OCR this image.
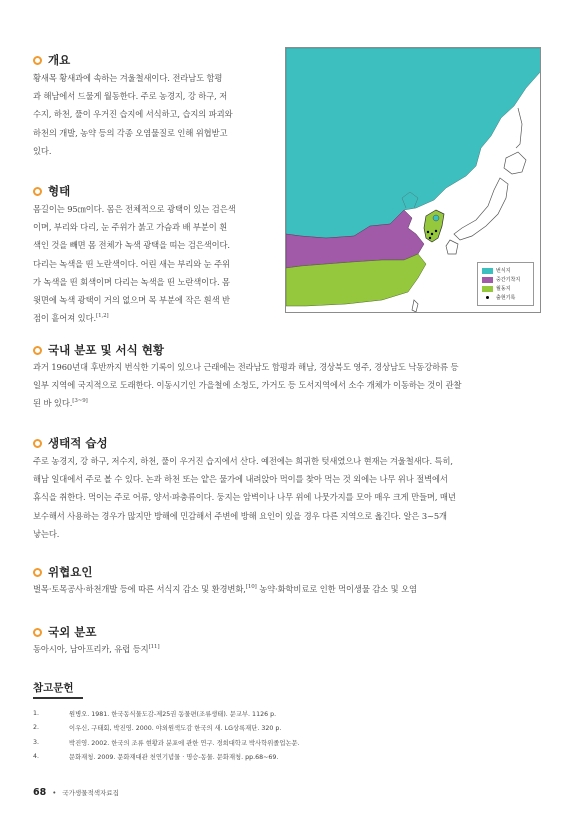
개요
황새목 황새과에 속하는 겨울철새이다. 전라남도 함평
과 해남에서 드물게 월동한다. 주로 농경지, 강 하구, 저
수지, 하천, 풀이 우거진 습지에 서식하고, 습지의 파괴와
하천의 개발, 농약 등의 각종 오염물질로 인해 위협받고
있다.
형태
몸길이는 95㎝이다. 몸은 전체적으로 광택이 있는 검은색
이며, 부리와 다리, 눈 주위가 붉고 가슴과 배 부분이 흰
색인 것을 빼면 몸 전체가 녹색 광택을 띠는 검은색이다.
다리는 녹색을 띤 노란색이다. 어린 새는 부리와 눈 주위
가 녹색을 띤 회색이며 다리는 녹색을 띤 노란색이다. 몸
윗면에 녹색 광택이 거의 없으며 목 부분에 작은 흰색 반
점이 흩어져 있다.[1,2]
번식지
중간기착지
월동지
출현기록
국내 분포 및 서식 현황
과거 1960년대 후반까지 번식한 기록이 있으나 근래에는 전라남도 함평과 해남, 경상북도 영주, 경상남도 낙동강하류 등
일부 지역에 국지적으로 도래한다. 이동시기인 가을철에 소청도, 가거도 등 도서지역에서 소수 개체가 이동하는 것이 관찰
된 바 있다.[3~9]
생태적 습성
주로 농경지, 강 하구, 저수지, 하천, 풀이 우거진 습지에서 산다. 예전에는 희귀한 텃새였으나 현재는 겨울철새다. 특히,
해남 일대에서 주로 볼 수 있다. 논과 하천 또는 얕은 물가에 내려앉아 먹이를 찾아 먹는 것 외에는 나무 위나 절벽에서
휴식을 취한다. 먹이는 주로 어류, 양서·파충류이다. 둥지는 암벽이나 나무 위에 나뭇가지를 모아 매우 크게 만들며, 매년
보수해서 사용하는 경우가 많지만 방해에 민감해서 주변에 방해 요인이 있을 경우 다른 지역으로 옮긴다. 알은 3~5개
낳는다.
위협요인
벌목·토목공사·하천개발 등에 따른 서식지 감소 및 환경변화,[10] 농약·화학비료로 인한 먹이생물 감소 및 오염
국외 분포
동아시아, 남아프리카, 유럽 등지[11]
참고문헌
1.	원병오. 1981. 한국동식물도감-제25권 동물편(조류생태). 문교부. 1126 p.
2.	이우신, 구태회, 박진영. 2000. 야외원색도감 한국의 새. LG상록재단. 320 p.
3.	박진영. 2002. 한국의 조류 현황과 분포에 관한 연구. 경희대학교 박사학위졸업논문.
4.	문화재청. 2009. 문화재대관 천연기념물 · 명승-동물. 문화재청. pp.68~69.
68 • 국가생물적색자료집
